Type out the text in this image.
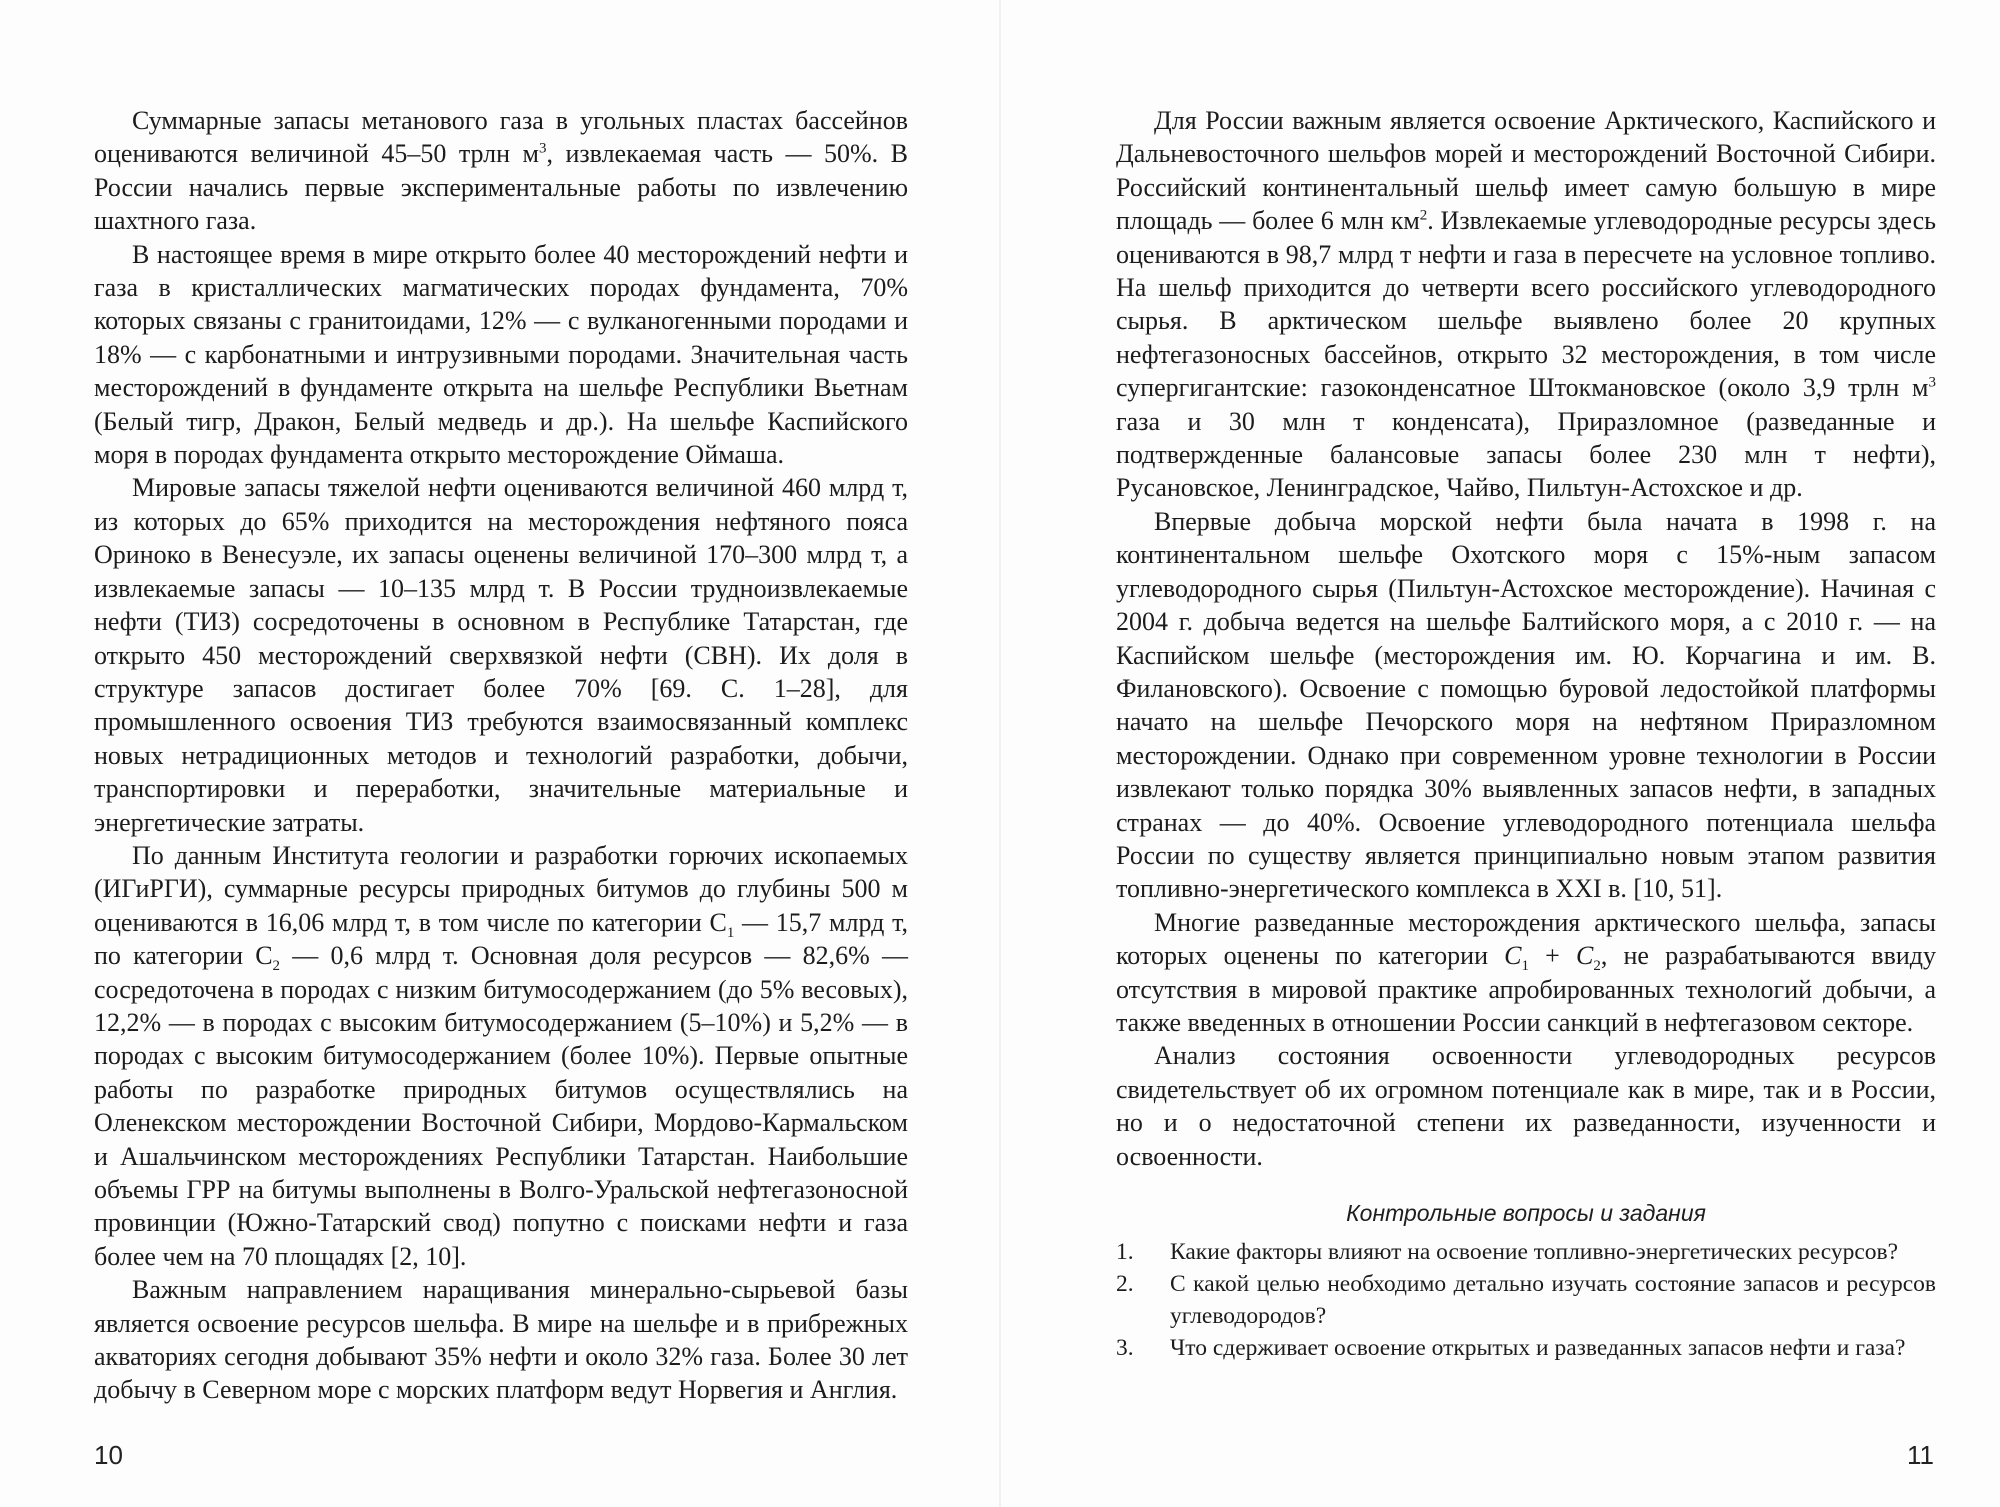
Суммарные запасы метанового газа в угольных пластах бассейнов оцениваются величиной 45–50 трлн $м^3$, извлекаемая часть — 50%. В России начались первые экспериментальные работы по извлечению шахтного газа.

В настоящее время в мире открыто более 40 месторождений нефти и газа в кристаллических магматических породах фундамента, 70% которых связаны с гранитоидами, 12% — с вулканогенными породами и 18% — с карбонатными и интрузивными породами. Значительная часть месторождений в фундаменте открыта на шельфе Республики Вьетнам (Белый тигр, Дракон, Белый медведь и др.). На шельфе Каспийского моря в породах фундамента открыто месторождение Оймаша.

Мировые запасы тяжелой нефти оцениваются величиной 460 млрд т, из которых до 65% приходится на месторождения нефтяного пояса Ориноко в Венесуэле, их запасы оценены величиной 170–300 млрд т, а извлекаемые запасы — 10–135 млрд т. В России трудноизвлекаемые нефти (ТИЗ) сосредоточены в основном в Республике Татарстан, где открыто 450 месторождений сверхвязкой нефти (СВН). Их доля в структуре запасов достигает более 70% [69. С. 1–28], для промышленного освоения ТИЗ требуются взаимосвязанный комплекс новых нетрадиционных методов и технологий разработки, добычи, транспортировки и переработки, значительные материальные и энергетические затраты.

По данным Института геологии и разработки горючих ископаемых (ИГиРГИ), суммарные ресурсы природных битумов до глубины 500 м оцениваются в 16,06 млрд т, в том числе по категории $C_1$ — 15,7 млрд т, по категории $C_2$ — 0,6 млрд т. Основная доля ресурсов — 82,6% — сосредоточена в породах с низким битумосодержанием (до 5% весовых), 12,2% — в породах с высоким битумосодержанием (5–10%) и 5,2% — в породах с высоким битумосодержанием (более 10%). Первые опытные работы по разработке природных битумов осуществлялись на Оленекском месторождении Восточной Сибири, Мордово-Кармальском и Ашальчинском месторождениях Республики Татарстан. Наибольшие объемы ГРР на битумы выполнены в Волго-Уральской нефтегазоносной провинции (Южно-Татарский свод) попутно с поисками нефти и газа более чем на 70 площадях [2, 10].

Важным направлением наращивания минерально-сырьевой базы является освоение ресурсов шельфа. В мире на шельфе и в прибрежных акваториях сегодня добывают 35% нефти и около 32% газа. Более 30 лет добычу в Северном море с морских платформ ведут Норвегия и Англия.

10

Для России важным является освоение Арктического, Каспийского и Дальневосточного шельфов морей и месторождений Восточной Сибири. Российский континентальный шельф имеет самую большую в мире площадь — более 6 млн $км^2$. Извлекаемые углеводородные ресурсы здесь оцениваются в 98,7 млрд т нефти и газа в пересчете на условное топливо. На шельф приходится до четверти всего российского углеводородного сырья. В арктическом шельфе выявлено более 20 крупных нефтегазоносных бассейнов, открыто 32 месторождения, в том числе супергигантские: газоконденсатное Штокмановское (около 3,9 трлн $м^3$ газа и 30 млн т конденсата), Приразломное (разведанные и подтвержденные балансовые запасы более 230 млн т нефти), Русановское, Ленинградское, Чайво, Пильтун-Астохское и др.

Впервые добыча морской нефти была начата в 1998 г. на континентальном шельфе Охотского моря с 15%-ным запасом углеводородного сырья (Пильтун-Астохское месторождение). Начиная с 2004 г. добыча ведется на шельфе Балтийского моря, а с 2010 г. — на Каспийском шельфе (месторождения им. Ю. Корчагина и им. В. Филановского). Освоение с помощью буровой ледостойкой платформы начато на шельфе Печорского моря на нефтяном Приразломном месторождении. Однако при современном уровне технологии в России извлекают только порядка 30% выявленных запасов нефти, в западных странах — до 40%. Освоение углеводородного потенциала шельфа России по существу является принципиально новым этапом развития топливно-энергетического комплекса в XXI в. [10, 51].

Многие разведанные месторождения арктического шельфа, запасы которых оценены по категории $C_1 + C_2$, не разрабатываются ввиду отсутствия в мировой практике апробированных технологий добычи, а также введенных в отношении России санкций в нефтегазовом секторе.

Анализ состояния освоенности углеводородных ресурсов свидетельствует об их огромном потенциале как в мире, так и в России, но и о недостаточной степени их разведанности, изученности и освоенности.

Контрольные вопросы и задания
1.	Какие факторы влияют на освоение топливно-энергетических ресурсов?
2.	С какой целью необходимо детально изучать состояние запасов и ресурсов углеводородов?
3.	Что сдерживает освоение открытых и разведанных запасов нефти и газа?
11
